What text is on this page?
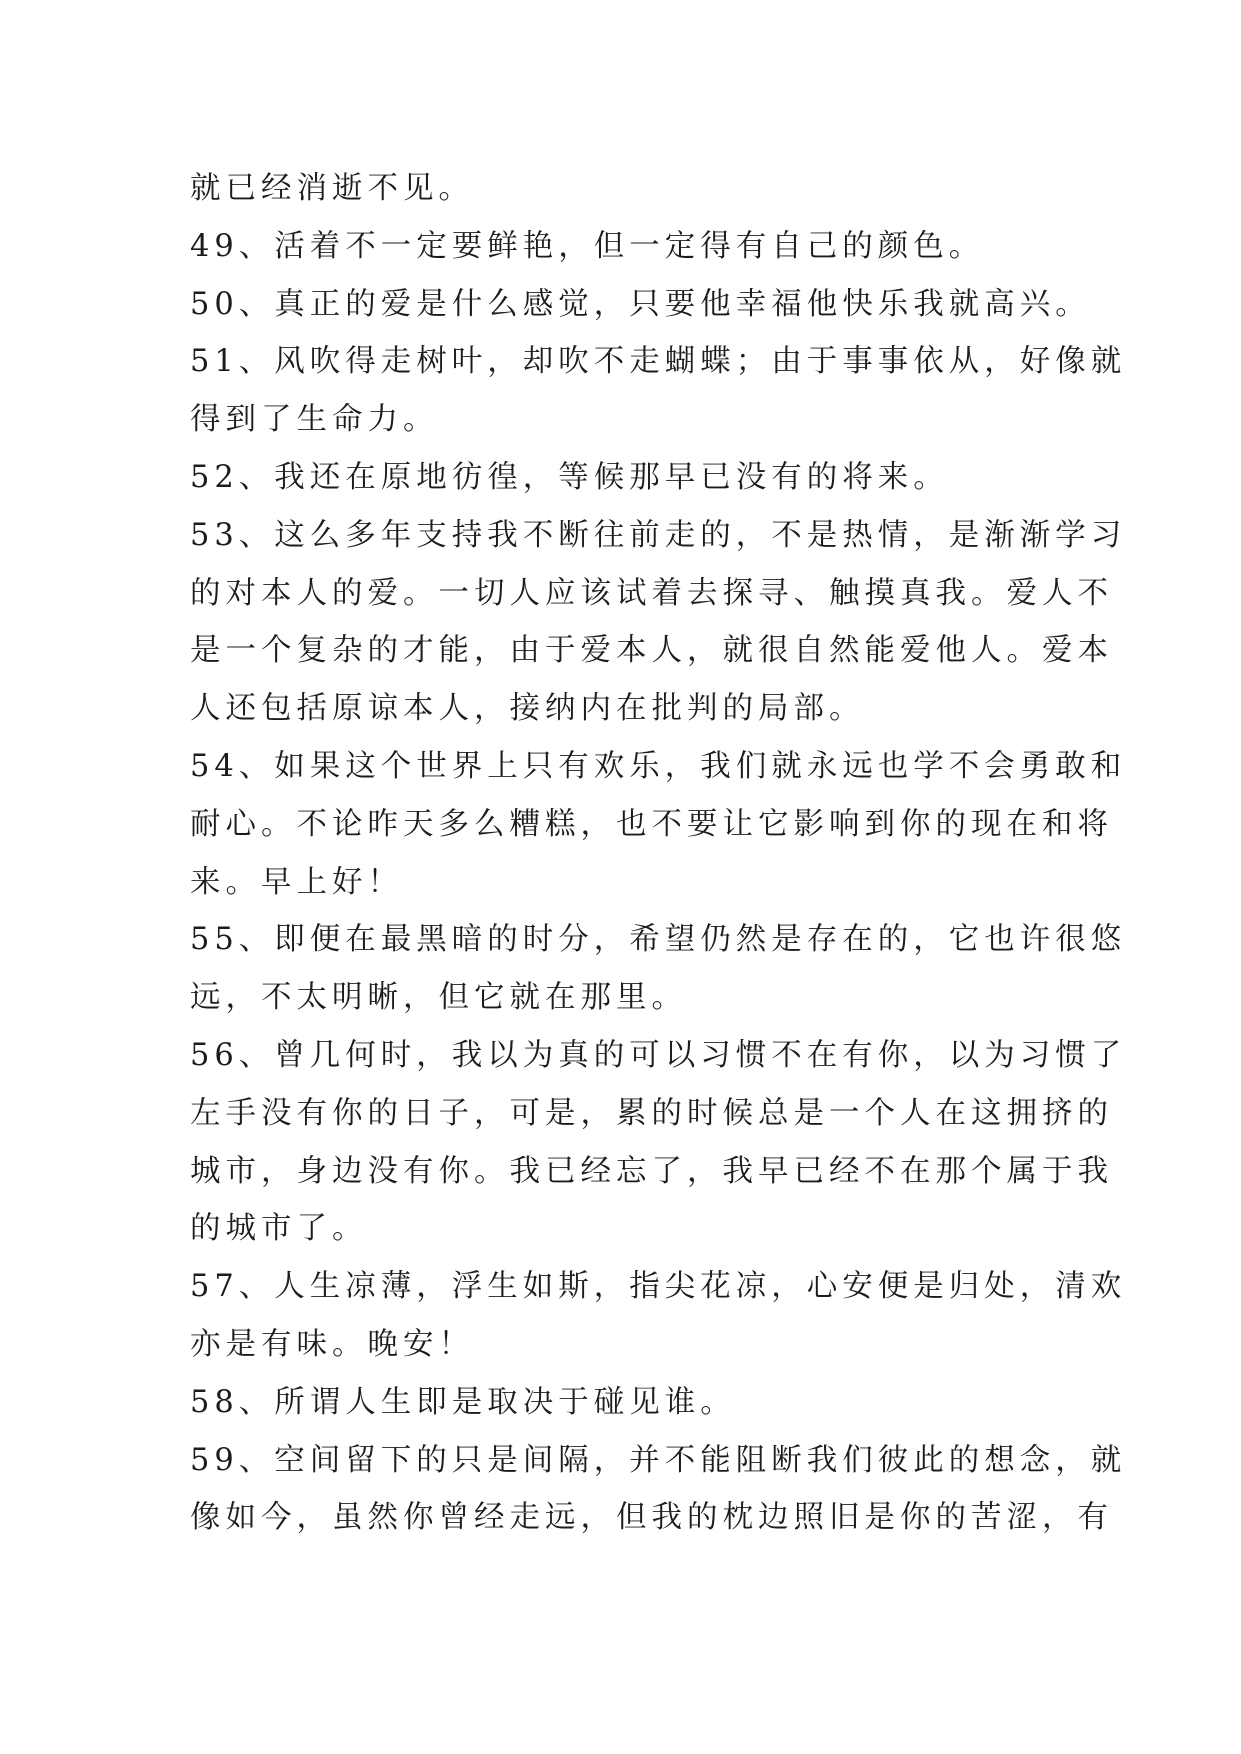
就已经消逝不见。
49、活着不一定要鲜艳，但一定得有自己的颜色。
50、真正的爱是什么感觉，只要他幸福他快乐我就高兴。
51、风吹得走树叶，却吹不走蝴蝶；由于事事依从，好像就
得到了生命力。
52、我还在原地彷徨，等候那早已没有的将来。
53、这么多年支持我不断往前走的，不是热情，是渐渐学习
的对本人的爱。一切人应该试着去探寻、触摸真我。爱人不
是一个复杂的才能，由于爱本人，就很自然能爱他人。爱本
人还包括原谅本人，接纳内在批判的局部。
54、如果这个世界上只有欢乐，我们就永远也学不会勇敢和
耐心。不论昨天多么糟糕，也不要让它影响到你的现在和将
来。早上好！
55、即便在最黑暗的时分，希望仍然是存在的，它也许很悠
远，不太明晰，但它就在那里。
56、曾几何时，我以为真的可以习惯不在有你，以为习惯了
左手没有你的日子，可是，累的时候总是一个人在这拥挤的
城市，身边没有你。我已经忘了，我早已经不在那个属于我
的城市了。
57、人生凉薄，浮生如斯，指尖花凉，心安便是归处，清欢
亦是有味。晚安！
58、所谓人生即是取决于碰见谁。
59、空间留下的只是间隔，并不能阻断我们彼此的想念，就
像如今，虽然你曾经走远，但我的枕边照旧是你的苦涩，有
